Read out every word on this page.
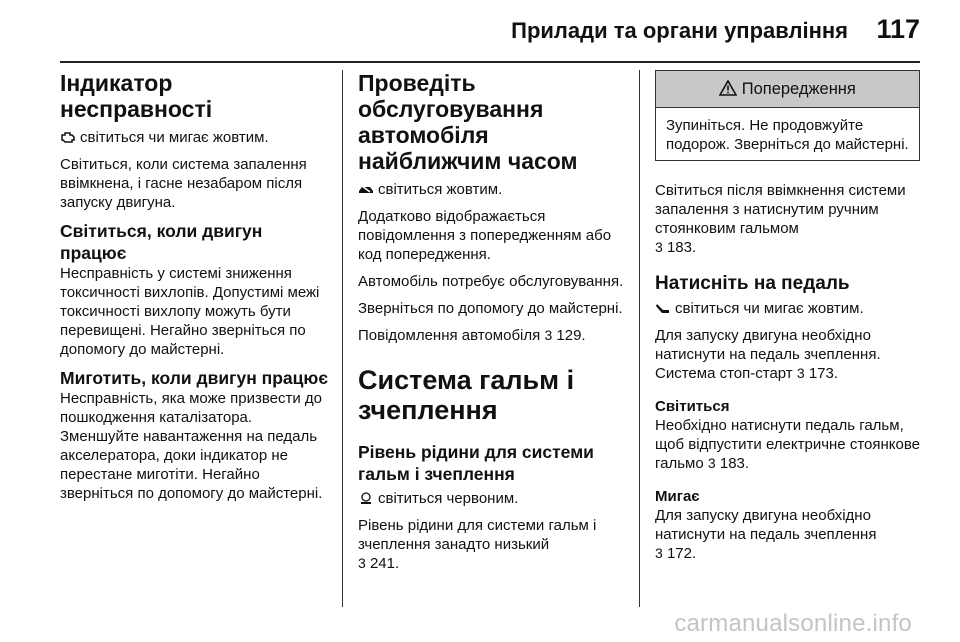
Прилади та органи управління 117
Індикатор несправності
світиться чи мигає жовтим.
Світиться, коли система запалення ввімкнена, і гасне незабаром після запуску двигуна.
Світиться, коли двигун працює
Несправність у системі зниження токсичності вихлопів. Допустимі межі токсичності вихлопу можуть бути перевищені. Негайно зверніться по допомогу до майстерні.
Миготить, коли двигун працює
Несправність, яка може призвести до пошкодження каталізатора. Зменшуйте навантаження на педаль акселератора, доки індикатор не перестане миготіти. Негайно зверніться по допомогу до майстерні.
Проведіть обслуговування автомобіля найближчим часом
світиться жовтим.
Додатково відображається повідомлення з попередженням або код попередження.
Автомобіль потребує обслуговування.
Зверніться по допомогу до майстерні.
Повідомлення автомобіля 3 129.
Система гальм і зчеплення
Рівень рідини для системи гальм і зчеплення
світиться червоним.
Рівень рідини для системи гальм і зчеплення занадто низький
3 241.
Попередження
Зупиніться. Не продовжуйте подорож. Зверніться до майстерні.
Світиться після ввімкнення системи запалення з натиснутим ручним стоянковим гальмом
3 183.
Натисніть на педаль
світиться чи мигає жовтим.
Для запуску двигуна необхідно натиснути на педаль зчеплення. Система стоп-старт 3 173.
Світиться
Необхідно натиснути педаль гальм, щоб відпустити електричне стоянкове гальмо 3 183.
Мигає
Для запуску двигуна необхідно натиснути на педаль зчеплення
3 172.
carmanualsonline.info
